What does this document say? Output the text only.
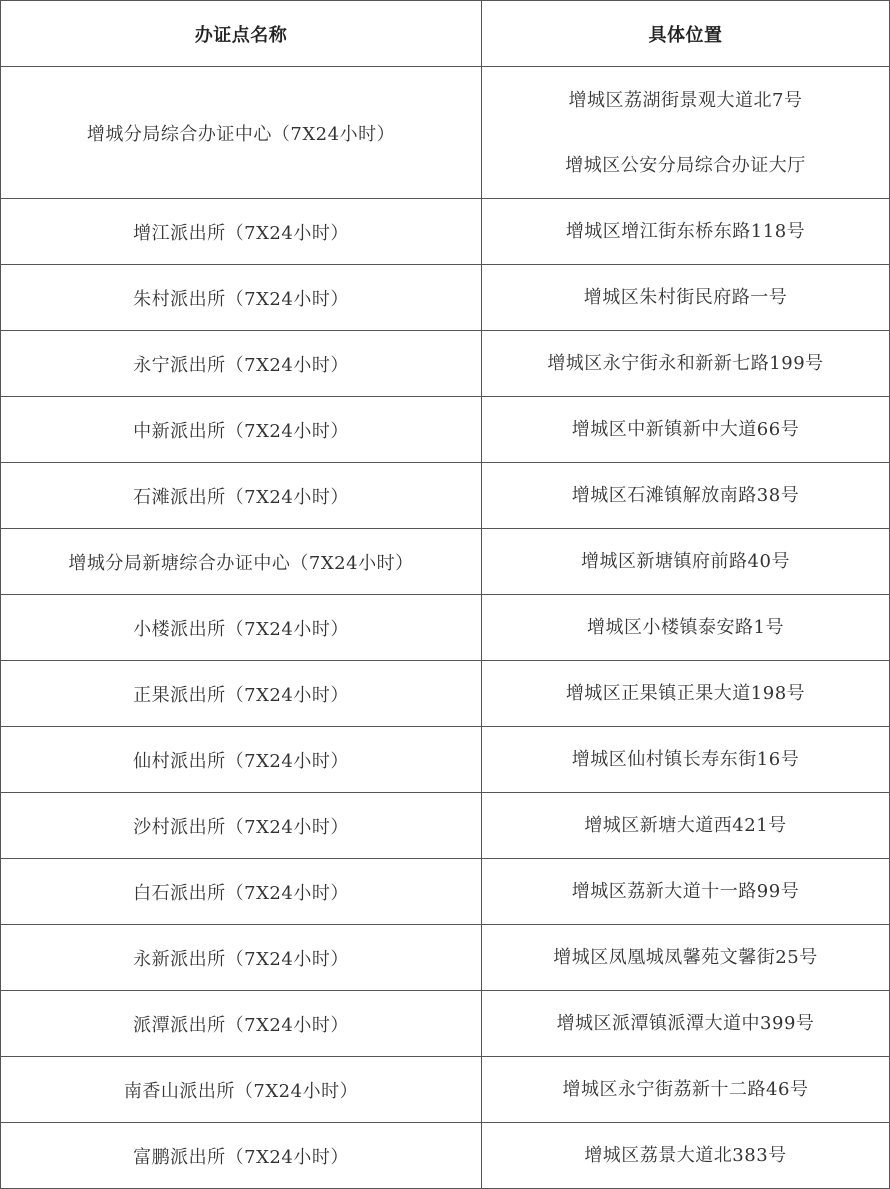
办证点名称	具体位置
增城分局综合办证中心（7X24小时）	增城区荔湖街景观大道北7号
增城区公安分局综合办证大厅

增江派出所（7X24小时）	增城区增江街东桥东路118号

朱村派出所（7X24小时）	增城区朱村街民府路一号

永宁派出所（7X24小时）	增城区永宁街永和新新七路199号

中新派出所（7X24小时）	增城区中新镇新中大道66号

石滩派出所（7X24小时）	增城区石滩镇解放南路38号

增城分局新塘综合办证中心（7X24小时）	增城区新塘镇府前路40号

小楼派出所（7X24小时）	增城区小楼镇泰安路1号

正果派出所（7X24小时）	增城区正果镇正果大道198号

仙村派出所（7X24小时）	增城区仙村镇长寿东街16号

沙村派出所（7X24小时）	增城区新塘大道西421号

白石派出所（7X24小时）	增城区荔新大道十一路99号

永新派出所（7X24小时）	增城区凤凰城凤馨苑文馨街25号

派潭派出所（7X24小时）	增城区派潭镇派潭大道中399号

南香山派出所（7X24小时）	增城区永宁街荔新十二路46号

富鹏派出所（7X24小时）	增城区荔景大道北383号
